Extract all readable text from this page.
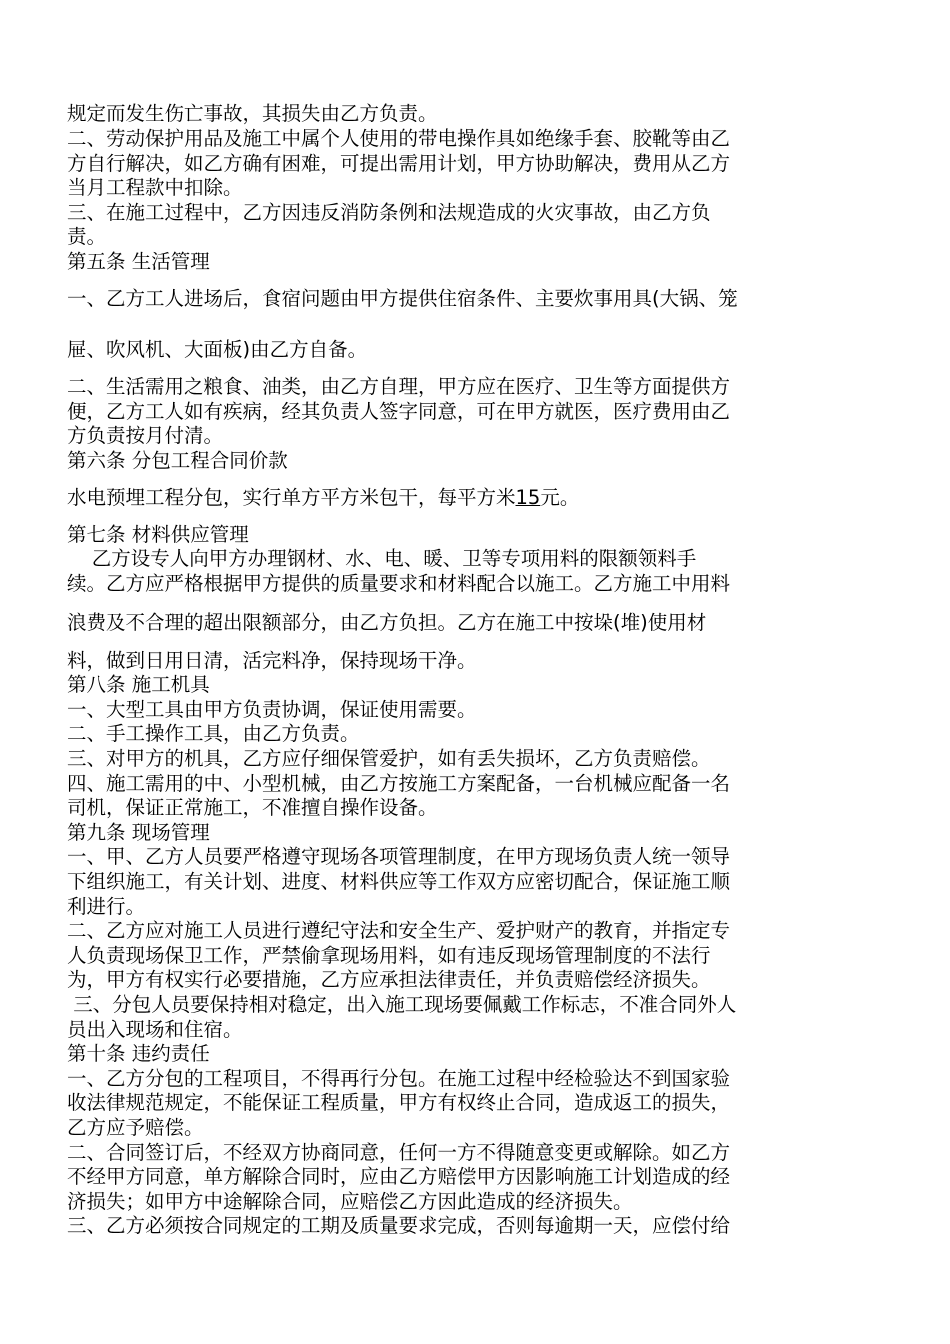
规定而发生伤亡事故，其损失由乙方负责。
二、劳动保护用品及施工中属个人使用的带电操作具如绝缘手套、胶靴等由乙
方自行解决，如乙方确有困难，可提出需用计划，甲方协助解决，费用从乙方
当月工程款中扣除。
三、在施工过程中，乙方因违反消防条例和法规造成的火灾事故，由乙方负
责。
第五条 生活管理
一、乙方工人进场后，食宿问题由甲方提供住宿条件、主要炊事用具(大锅、笼
屉、吹风机、大面板)由乙方自备。
二、生活需用之粮食、油类，由乙方自理，甲方应在医疗、卫生等方面提供方
便，乙方工人如有疾病，经其负责人签字同意，可在甲方就医，医疗费用由乙
方负责按月付清。
第六条 分包工程合同价款
水电预埋工程分包，实行单方平方米包干，每平方米15元。
第七条 材料供应管理
乙方设专人向甲方办理钢材、水、电、暖、卫等专项用料的限额领料手
续。乙方应严格根据甲方提供的质量要求和材料配合以施工。乙方施工中用料
浪费及不合理的超出限额部分，由乙方负担。乙方在施工中按垛(堆)使用材
料，做到日用日清，活完料净，保持现场干净。
第八条 施工机具
一、大型工具由甲方负责协调，保证使用需要。
二、手工操作工具，由乙方负责。
三、对甲方的机具，乙方应仔细保管爱护，如有丢失损坏，乙方负责赔偿。
四、施工需用的中、小型机械，由乙方按施工方案配备，一台机械应配备一名
司机，保证正常施工，不准擅自操作设备。
第九条 现场管理
一、甲、乙方人员要严格遵守现场各项管理制度，在甲方现场负责人统一领导
下组织施工，有关计划、进度、材料供应等工作双方应密切配合，保证施工顺
利进行。
二、乙方应对施工人员进行遵纪守法和安全生产、爱护财产的教育，并指定专
人负责现场保卫工作，严禁偷拿现场用料，如有违反现场管理制度的不法行
为，甲方有权实行必要措施，乙方应承担法律责任，并负责赔偿经济损失。
三、分包人员要保持相对稳定，出入施工现场要佩戴工作标志，不准合同外人
员出入现场和住宿。
第十条 违约责任
一、乙方分包的工程项目，不得再行分包。在施工过程中经检验达不到国家验
收法律规范规定，不能保证工程质量，甲方有权终止合同，造成返工的损失，
乙方应予赔偿。
二、合同签订后，不经双方协商同意，任何一方不得随意变更或解除。如乙方
不经甲方同意，单方解除合同时，应由乙方赔偿甲方因影响施工计划造成的经
济损失；如甲方中途解除合同，应赔偿乙方因此造成的经济损失。
三、乙方必须按合同规定的工期及质量要求完成，否则每逾期一天，应偿付给
